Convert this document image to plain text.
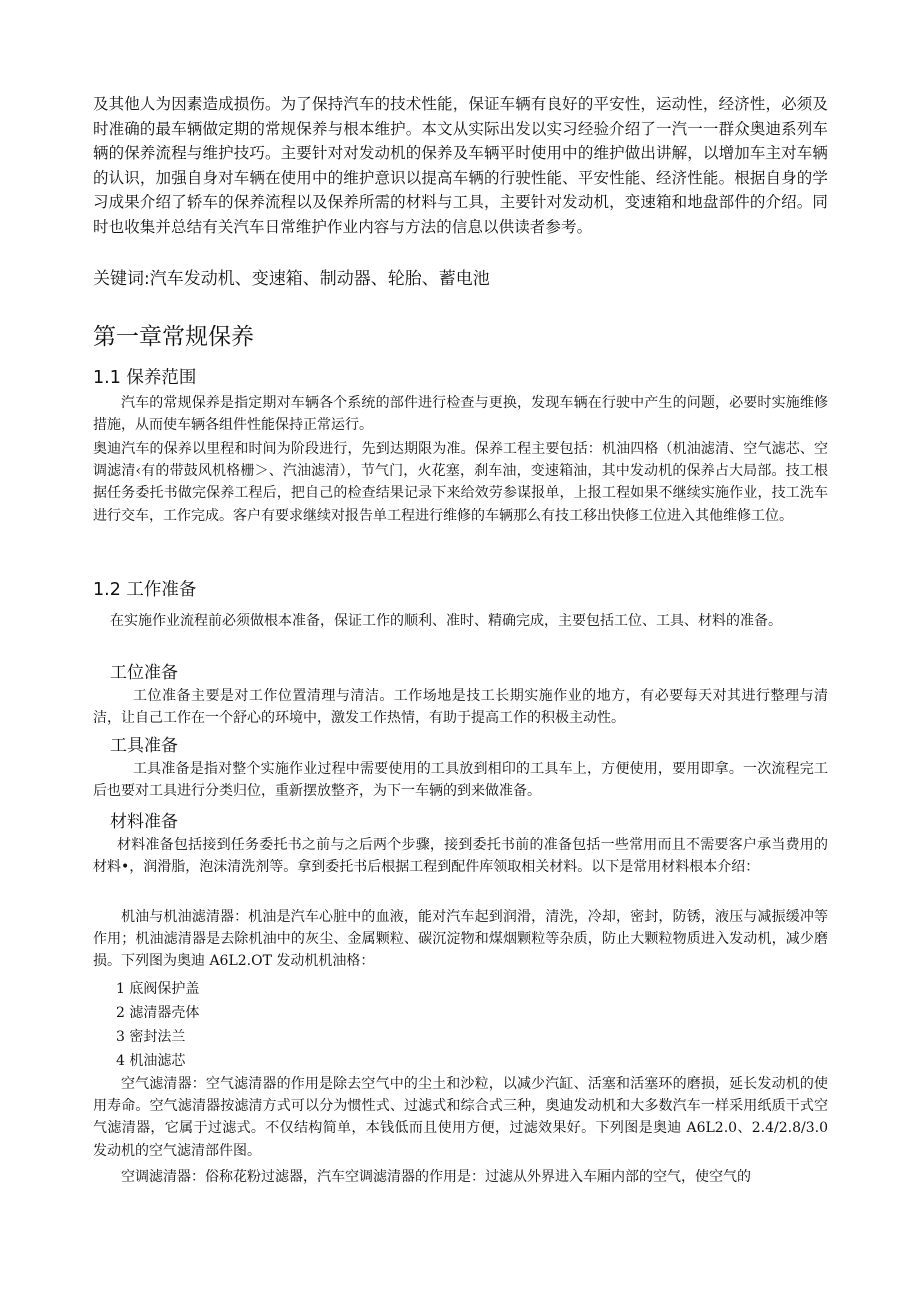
及其他人为因素造成损伤。为了保持汽车的技术性能，保证车辆有良好的平安性，运动性，经济性，必须及时准确的最车辆做定期的常规保养与根本维护。本文从实际出发以实习经验介绍了一汽一一群众奥迪系列车辆的保养流程与维护技巧。主要针对对发动机的保养及车辆平时使用中的维护做出讲解，以增加车主对车辆的认识，加强自身对车辆在使用中的维护意识以提高车辆的行驶性能、平安性能、经济性能。根据自身的学习成果介绍了轿车的保养流程以及保养所需的材料与工具，主要针对发动机，变速箱和地盘部件的介绍。同时也收集并总结有关汽车日常维护作业内容与方法的信息以供读者参考。

关键词:汽车发动机、变速箱、制动器、轮胎、蓄电池

第一章常规保养
1.1 保养范围

汽车的常规保养是指定期对车辆各个系统的部件进行检查与更换，发现车辆在行驶中产生的问题，必要时实施维修措施，从而使车辆各组件性能保持正常运行。

奥迪汽车的保养以里程和时间为阶段进行，先到达期限为准。保养工程主要包括：机油四格（机油滤清、空气滤芯、空调滤清‹有的带鼓风机格栅＞、汽油滤清），节气门，火花塞，刹车油，变速箱油，其中发动机的保养占大局部。技工根据任务委托书做完保养工程后，把自己的检查结果记录下来给效劳参谋报单，上报工程如果不继续实施作业，技工洗车进行交车，工作完成。客户有要求继续对报告单工程进行维修的车辆那么有技工移出快修工位进入其他维修工位。

1.2 工作准备

在实施作业流程前必须做根本准备，保证工作的顺利、准时、精确完成，主要包括工位、工具、材料的准备。

工位准备

工位准备主要是对工作位置清理与清洁。工作场地是技工长期实施作业的地方，有必要每天对其进行整理与清洁，让自己工作在一个舒心的环境中，激发工作热情，有助于提高工作的积极主动性。

工具准备

工具准备是指对整个实施作业过程中需要使用的工具放到相印的工具车上，方便使用，要用即拿。一次流程完工后也要对工具进行分类归位，重新摆放整齐，为下一车辆的到来做准备。

材料准备

材料准备包括接到任务委托书之前与之后两个步骤，接到委托书前的准备包括一些常用而且不需要客户承当费用的材料•，润滑脂，泡沫清洗剂等。拿到委托书后根据工程到配件库领取相关材料。以下是常用材料根本介绍：

机油与机油滤清器：机油是汽车心脏中的血液，能对汽车起到润滑，清洗，冷却，密封，防锈，液压与减振缓冲等作用；机油滤清器是去除机油中的灰尘、金属颗粒、碳沉淀物和煤烟颗粒等杂质，防止大颗粒物质进入发动机，减少磨损。下列图为奥迪 A6L2.OT 发动机机油格：

1 底阀保护盖

2 滤清器壳体

3 密封法兰

4 机油滤芯

空气滤清器：空气滤清器的作用是除去空气中的尘土和沙粒，以减少汽缸、活塞和活塞环的磨损，延长发动机的使用寿命。空气滤清器按滤清方式可以分为惯性式、过滤式和综合式三种，奥迪发动机和大多数汽车一样采用纸质干式空气滤清器，它属于过滤式。不仅结构简单，本钱低而且使用方便，过滤效果好。下列图是奥迪 A6L2.0、2.4/2.8/3.0 发动机的空气滤清部件图。

空调滤清器：俗称花粉过滤器，汽车空调滤清器的作用是：过滤从外界进入车厢内部的空气，使空气的
